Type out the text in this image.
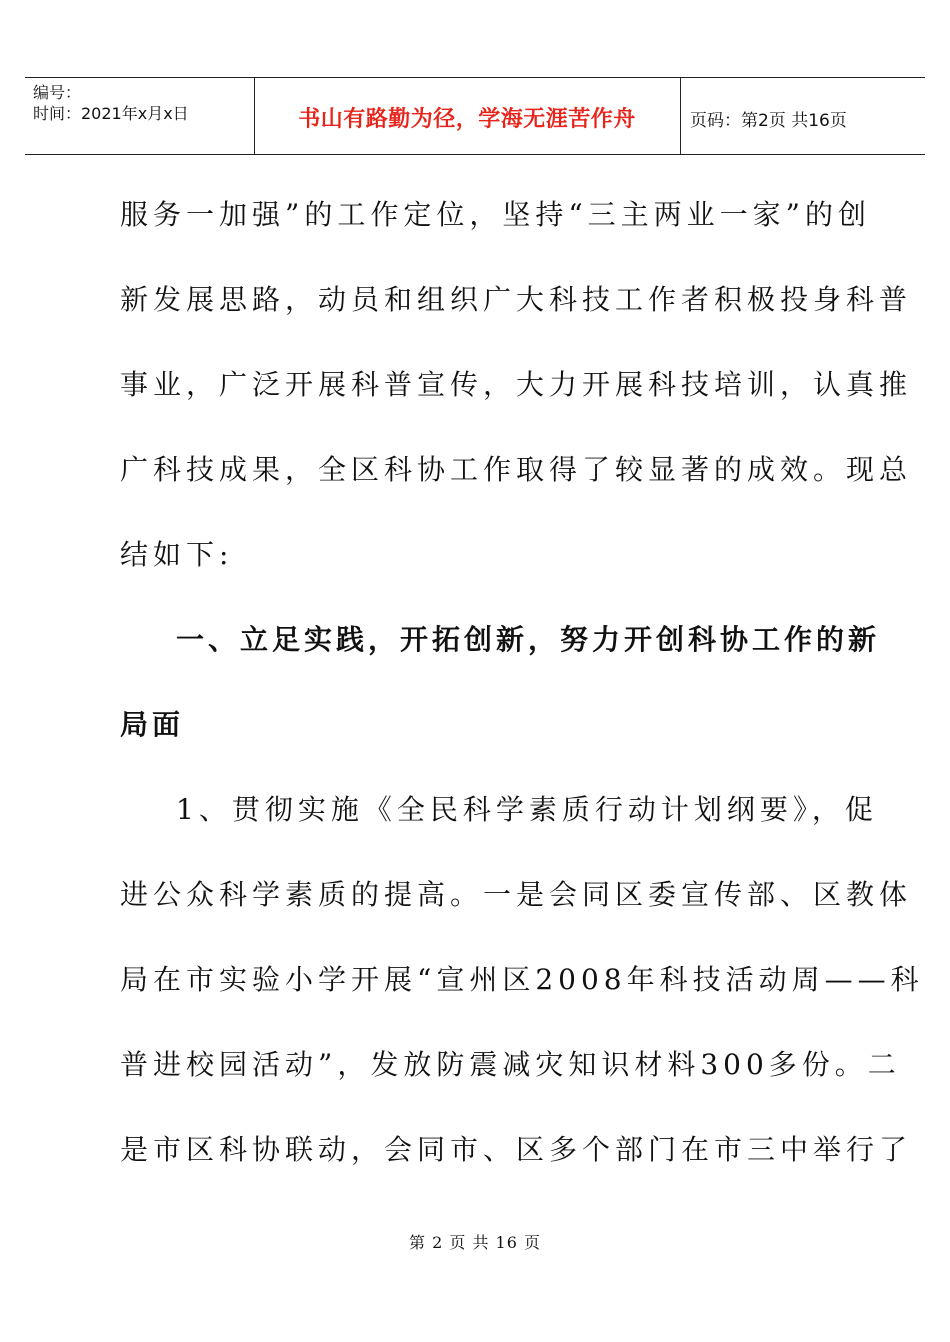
编号：
时间：2021年x月x日	书山有路勤为径，学海无涯苦作舟	页码：第2页 共16页
服务一加强”的工作定位，坚持“三主两业一家”的创
新发展思路，动员和组织广大科技工作者积极投身科普
事业，广泛开展科普宣传，大力开展科技培训，认真推
广科技成果，全区科协工作取得了较显著的成效。现总
结如下:
一、立足实践，开拓创新，努力开创科协工作的新
局面
1、贯彻实施《全民科学素质行动计划纲要》，促
进公众科学素质的提高。一是会同区委宣传部、区教体
局在市实验小学开展“宣州区2008年科技活动周——科
普进校园活动”，发放防震减灾知识材料300多份。二
是市区科协联动，会同市、区多个部门在市三中举行了
第 2 页 共 16 页
